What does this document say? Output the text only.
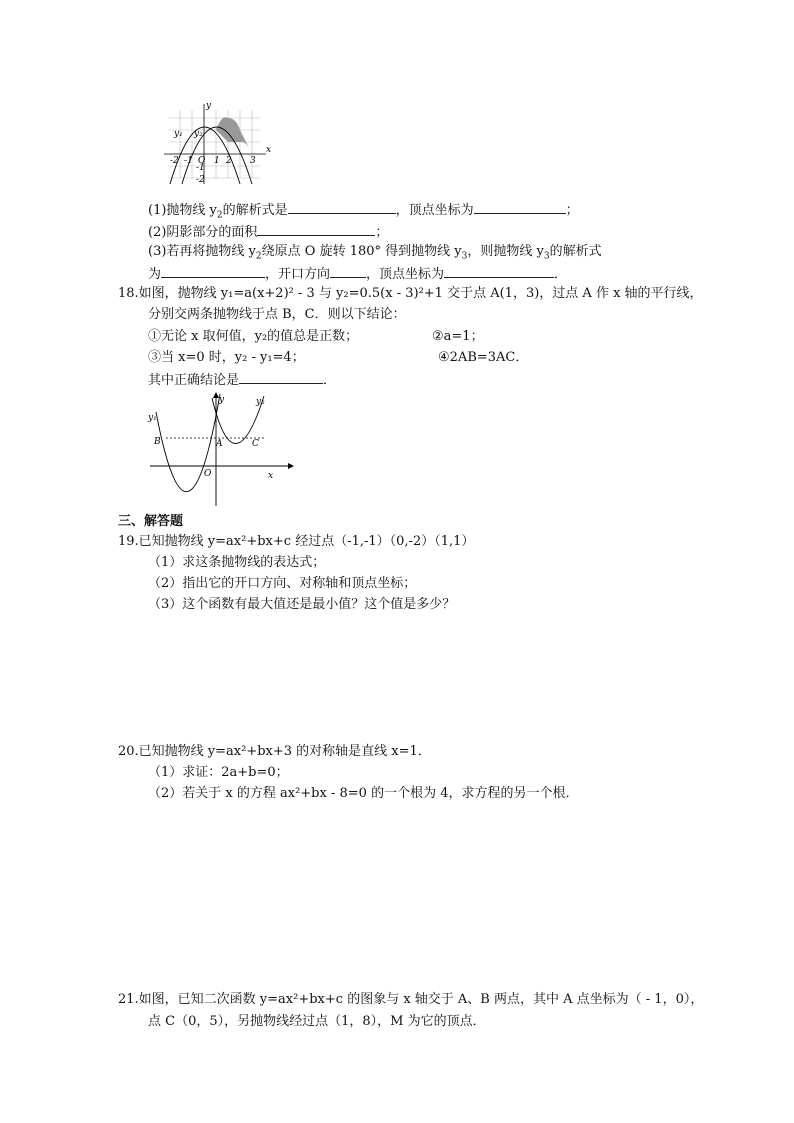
y
x
y₁ y₂
O
-2 -1 1 2 3
-1
-2
(1)抛物线 $y_2$的解析式是	，顶点坐标为	；
(2)阴影部分的面积	；
(3)若再将抛物线 $y_2$绕原点 O 旋转 180° 得到抛物线 $y_3$，则抛物线 $y_3$的解析式
为	，开口方向	，顶点坐标为	．
18.如图，抛物线 y₁=a(x+2)² - 3 与 y₂=0.5(x - 3)²+1 交于点 A(1，3)，过点 A 作 x 轴的平行线，
分别交两条抛物线于点 B，C．则以下结论：
①无论 x 取何值，y₂的值总是正数；	②a=1；
③当 x=0 时，y₂ - y₁=4；	④2AB=3AC．
其中正确结论是	．
y₁
y₂
y
x
B	A	C
O
三、解答题
19.已知抛物线 y=ax²+bx+c 经过点（-1,-1）（0,-2）（1,1）
（1）求这条抛物线的表达式；
（2）指出它的开口方向、对称轴和顶点坐标；
（3）这个函数有最大值还是最小值？这个值是多少？
20.已知抛物线 y=ax²+bx+3 的对称轴是直线 x=1．
（1）求证：2a+b=0；
（2）若关于 x 的方程 ax²+bx - 8=0 的一个根为 4，求方程的另一个根．
21.如图，已知二次函数 y=ax²+bx+c 的图象与 x 轴交于 A、B 两点，其中 A 点坐标为（ - 1，0），
点 C（0，5），另抛物线经过点（1，8），M 为它的顶点．
